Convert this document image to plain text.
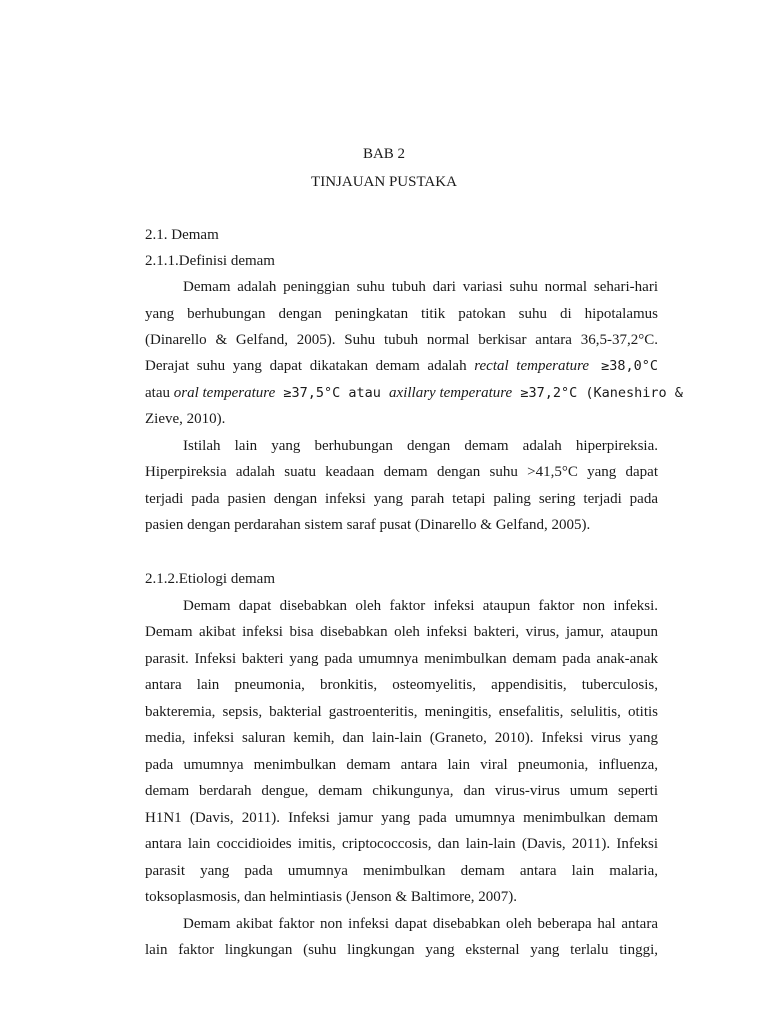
BAB 2
TINJAUAN PUSTAKA
2.1. Demam
2.1.1.Definisi demam
Demam adalah peninggian suhu tubuh dari variasi suhu normal sehari-hari
yang berhubungan dengan peningkatan titik patokan suhu di hipotalamus
(Dinarello & Gelfand, 2005). Suhu tubuh normal berkisar antara 36,5-37,2°C.
Derajat suhu yang dapat dikatakan demam adalah rectal temperature ≥38,0°C
atau oral temperature ≥37,5°C atau axillary temperature ≥37,2°C (Kaneshiro &
Zieve, 2010).
Istilah lain yang berhubungan dengan demam adalah hiperpireksia.
Hiperpireksia adalah suatu keadaan demam dengan suhu >41,5°C yang dapat
terjadi pada pasien dengan infeksi yang parah tetapi paling sering terjadi pada
pasien dengan perdarahan sistem saraf pusat (Dinarello & Gelfand, 2005).
2.1.2.Etiologi demam
Demam dapat disebabkan oleh faktor infeksi ataupun faktor non infeksi.
Demam akibat infeksi bisa disebabkan oleh infeksi bakteri, virus, jamur, ataupun
parasit. Infeksi bakteri yang pada umumnya menimbulkan demam pada anak-anak
antara lain pneumonia, bronkitis, osteomyelitis, appendisitis, tuberculosis,
bakteremia, sepsis, bakterial gastroenteritis, meningitis, ensefalitis, selulitis, otitis
media, infeksi saluran kemih, dan lain-lain (Graneto, 2010). Infeksi virus yang
pada umumnya menimbulkan demam antara lain viral pneumonia, influenza,
demam berdarah dengue, demam chikungunya, dan virus-virus umum seperti
H1N1 (Davis, 2011). Infeksi jamur yang pada umumnya menimbulkan demam
antara lain coccidioides imitis, criptococcosis, dan lain-lain (Davis, 2011). Infeksi
parasit yang pada umumnya menimbulkan demam antara lain malaria,
toksoplasmosis, dan helmintiasis (Jenson & Baltimore, 2007).
Demam akibat faktor non infeksi dapat disebabkan oleh beberapa hal antara
lain faktor lingkungan (suhu lingkungan yang eksternal yang terlalu tinggi,
